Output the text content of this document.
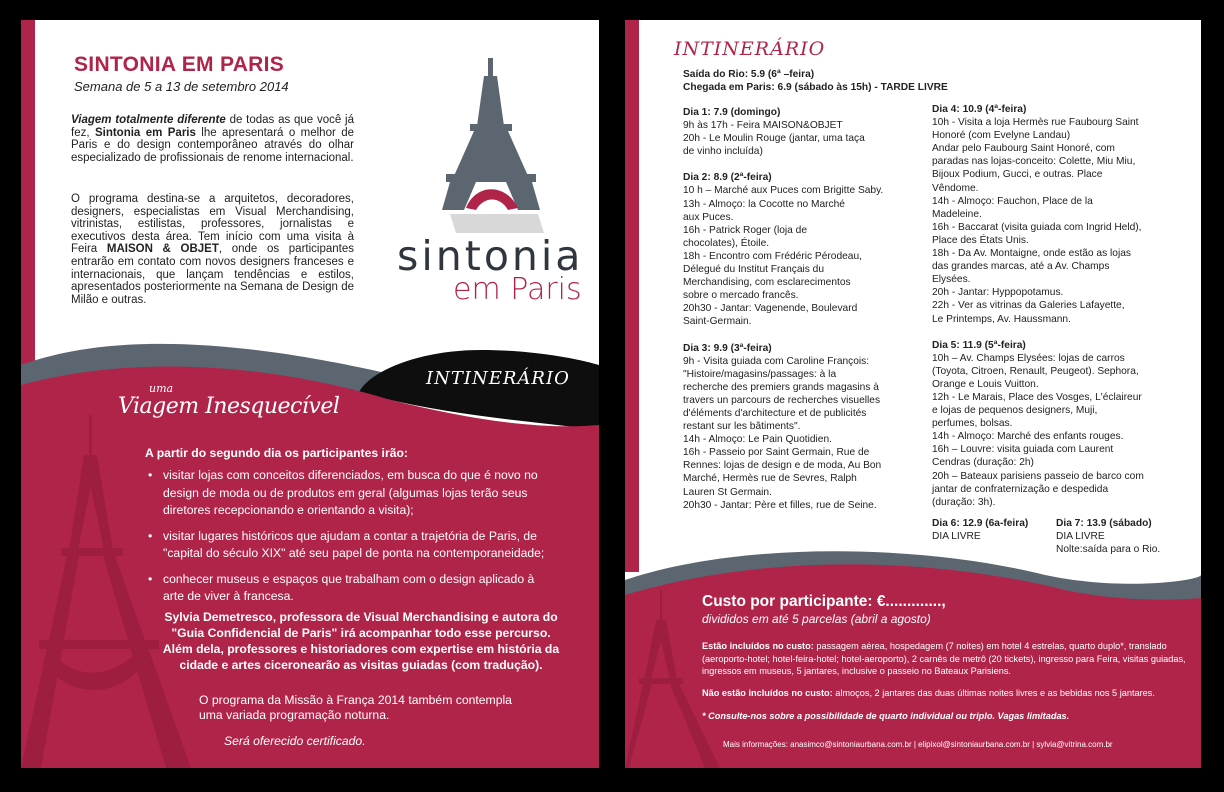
SINTONIA EM PARIS
Semana de 5 a 13 de setembro 2014
Viagem totalmente diferente de todas as que você já fez, Sintonia em Paris lhe apresentará o melhor de Paris e do design contemporâneo através do olhar especializado de profissionais de renome internacional.
O programa destina-se a arquitetos, decoradores, designers, especialistas em Visual Merchandising, vitrinistas, estilistas, professores, jornalistas e executivos desta área. Tem início com uma visita à Feira MAISON & OBJET, onde os participantes entrarão em contato com novos designers franceses e internacionais, que lançam tendências e estilos, apresentados posteriormente na Semana de Design de Milão e outras.
sintonia
em Paris
INTINERÁRIO
uma
Viagem Inesquecível
A partir do segundo dia os participantes irão:
• visitar lojas com conceitos diferenciados, em busca do que é novo no design de moda ou de produtos em geral (algumas lojas terão seus diretores recepcionando e orientando a visita);
• visitar lugares históricos que ajudam a contar a trajetória de Paris, de "capital do século XIX" até seu papel de ponta na contemporaneidade;
• conhecer museus e espaços que trabalham com o design aplicado à arte de viver à francesa.
Sylvia Demetresco, professora de Visual Merchandising e autora do "Guia Confidencial de Paris" irá acompanhar todo esse percurso. Além dela, professores e historiadores com expertise em história da cidade e artes ciceronearão as visitas guiadas (com tradução).
O programa da Missão à França 2014 também contempla uma variada programação noturna.
Será oferecido certificado.
INTINERÁRIO
Saída do Rio: 5.9 (6ª –feira)
Chegada em Paris: 6.9 (sábado às 15h) - TARDE LIVRE
Dia 1: 7.9 (domingo)
9h às 17h - Feira MAISON&OBJET
20h - Le Moulin Rouge (jantar, uma taça
de vinho incluída)
Dia 2: 8.9 (2ª-feira)
10 h – Marché aux Puces com Brigitte Saby.
13h - Almoço: la Cocotte no Marché
aux Puces.
16h - Patrick Roger (loja de
chocolates), Étoile.
18h - Encontro com Frédéric Pérodeau,
Délegué du Institut Français du
Merchandising, com esclarecimentos
sobre o mercado francês.
20h30 - Jantar: Vagenende, Boulevard
Saint-Germain.
Dia 3: 9.9 (3ª-feira)
9h - Visita guiada com Caroline François:
"Histoire/magasins/passages: à la
recherche des premiers grands magasins à
travers un parcours de recherches visuelles
d'éléments d'architecture et de publicités
restant sur les bâtiments".
14h - Almoço: Le Pain Quotidien.
16h - Passeio por Saint Germain, Rue de
Rennes: lojas de design e de moda, Au Bon
Marché, Hermès rue de Sevres, Ralph
Lauren St Germain.
20h30 - Jantar: Père et filles, rue de Seine.
Dia 4: 10.9 (4ª-feira)
10h - Visita a loja Hermès rue Faubourg Saint
Honoré (com Evelyne Landau)
Andar pelo Faubourg Saint Honoré, com
paradas nas lojas-conceito: Colette, Miu Miu,
Bijoux Podium, Gucci, e outras. Place
Vêndome.
14h - Almoço: Fauchon, Place de la
Madeleine.
16h - Baccarat (visita guiada com Ingrid Held),
Place des États Unis.
18h - Da Av. Montaigne, onde estão as lojas
das grandes marcas, até a Av. Champs
Elysées.
20h - Jantar: Hyppopotamus.
22h - Ver as vitrinas da Galeries Lafayette,
Le Printemps, Av. Haussmann.
Dia 5: 11.9 (5ª-feira)
10h – Av. Champs Elysées: lojas de carros
(Toyota, Citroen, Renault, Peugeot). Sephora,
Orange e Louis Vuitton.
12h - Le Marais, Place des Vosges, L'éclaireur
e lojas de pequenos designers, Muji,
perfumes, bolsas.
14h - Almoço: Marché des enfants rouges.
16h – Louvre: visita guiada com Laurent
Cendras (duração: 2h)
20h – Bateaux parisiens passeio de barco com
jantar de confraternização e despedida
(duração: 3h).
Dia 6: 12.9 (6a-feira)
DIA LIVRE
Dia 7: 13.9 (sábado)
DIA LIVRE
Nolte:saída para o Rio.
Custo por participante: €.............,
divididos em até 5 parcelas (abril a agosto)
Estão incluídos no custo: passagem aérea, hospedagem (7 noites) em hotel 4 estrelas, quarto duplo*, translado (aeroporto-hotel; hotel-feira-hotel; hotel-aeroporto), 2 carnês de metrô (20 tickets), ingresso para Feira, visitas guiadas, ingressos em museus, 5 jantares, inclusive o passeio no Bateaux Parisiens.
Não estão incluídos no custo: almoços, 2 jantares das duas últimas noites livres e as bebidas nos 5 jantares.
* Consulte-nos sobre a possibilidade de quarto individual ou triplo. Vagas limitadas.
Mais informações: anasimco@sintoniaurbana.com.br | elipixol@sintoniaurbana.com.br | sylvia@vitrina.com.br
